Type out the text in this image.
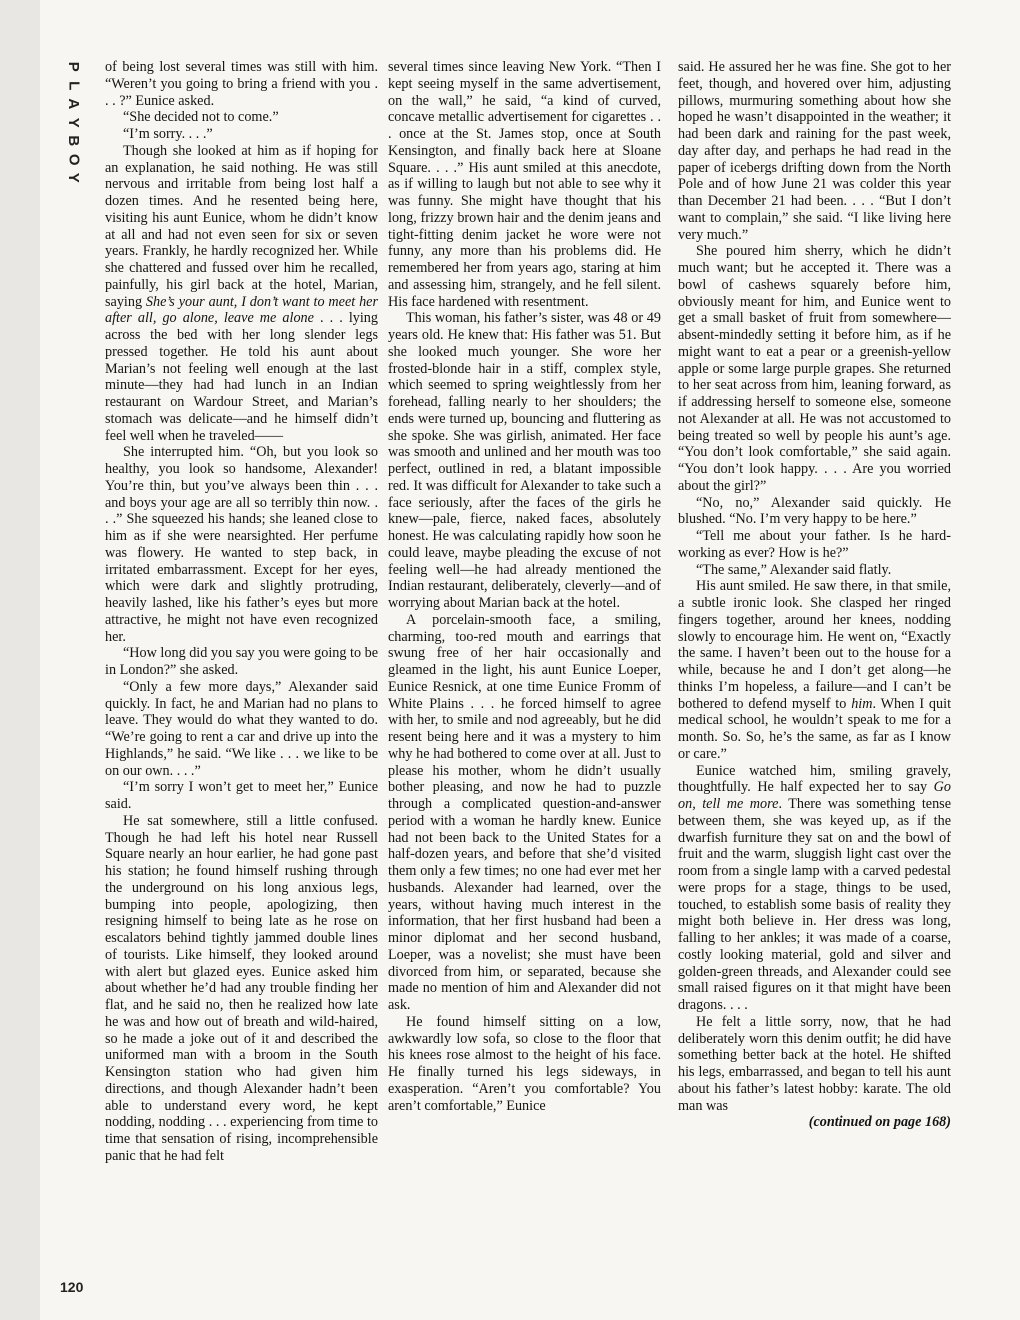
P
L
A
Y
B
O
Y
120

of being lost several times was still with him. “Weren’t you going to bring a friend with you . . . ?” Eunice asked.

“She decided not to come.”

“I’m sorry. . . .”

Though she looked at him as if hoping for an explanation, he said nothing. He was still nervous and irritable from being lost half a dozen times. And he resented being here, visiting his aunt Eunice, whom he didn’t know at all and had not even seen for six or seven years. Frankly, he hardly recognized her. While she chattered and fussed over him he recalled, painfully, his girl back at the hotel, Marian, saying She’s your aunt, I don’t want to meet her after all, go alone, leave me alone . . . lying across the bed with her long slender legs pressed together. He told his aunt about Marian’s not feeling well enough at the last minute—they had had lunch in an Indian restaurant on Wardour Street, and Marian’s stomach was delicate—and he himself didn’t feel well when he traveled——

She interrupted him. “Oh, but you look so healthy, you look so handsome, Alexander! You’re thin, but you’ve always been thin . . . and boys your age are all so terribly thin now. . . .” She squeezed his hands; she leaned close to him as if she were nearsighted. Her perfume was flowery. He wanted to step back, in irritated embarrassment. Except for her eyes, which were dark and slightly protruding, heavily lashed, like his father’s eyes but more attractive, he might not have even recognized her.

“How long did you say you were going to be in London?” she asked.

“Only a few more days,” Alexander said quickly. In fact, he and Marian had no plans to leave. They would do what they wanted to do. “We’re going to rent a car and drive up into the Highlands,” he said. “We like . . . we like to be on our own. . . .”

“I’m sorry I won’t get to meet her,” Eunice said.

He sat somewhere, still a little confused. Though he had left his hotel near Russell Square nearly an hour earlier, he had gone past his station; he found himself rushing through the underground on his long anxious legs, bumping into people, apologizing, then resigning himself to being late as he rose on escalators behind tightly jammed double lines of tourists. Like himself, they looked around with alert but glazed eyes. Eunice asked him about whether he’d had any trouble finding her flat, and he said no, then he realized how late he was and how out of breath and wild-haired, so he made a joke out of it and described the uniformed man with a broom in the South Kensington station who had given him directions, and though Alexander hadn’t been able to understand every word, he kept nodding, nodding . . . experiencing from time to time that sensation of rising, incomprehensible panic that he had felt

several times since leaving New York. “Then I kept seeing myself in the same advertisement, on the wall,” he said, “a kind of curved, concave metallic advertisement for cigarettes . . . once at the St. James stop, once at South Kensington, and finally back here at Sloane Square. . . .” His aunt smiled at this anecdote, as if willing to laugh but not able to see why it was funny. She might have thought that his long, frizzy brown hair and the denim jeans and tight-fitting denim jacket he wore were not funny, any more than his problems did. He remembered her from years ago, staring at him and assessing him, strangely, and he fell silent. His face hardened with resentment.

This woman, his father’s sister, was 48 or 49 years old. He knew that: His father was 51. But she looked much younger. She wore her frosted-blonde hair in a stiff, complex style, which seemed to spring weightlessly from her forehead, falling nearly to her shoulders; the ends were turned up, bouncing and fluttering as she spoke. She was girlish, animated. Her face was smooth and unlined and her mouth was too perfect, outlined in red, a blatant impossible red. It was difficult for Alexander to take such a face seriously, after the faces of the girls he knew—pale, fierce, naked faces, absolutely honest. He was calculating rapidly how soon he could leave, maybe pleading the excuse of not feeling well—he had already mentioned the Indian restaurant, deliberately, cleverly—and of worrying about Marian back at the hotel.

A porcelain-smooth face, a smiling, charming, too-red mouth and earrings that swung free of her hair occasionally and gleamed in the light, his aunt Eunice Loeper, Eunice Resnick, at one time Eunice Fromm of White Plains . . . he forced himself to agree with her, to smile and nod agreeably, but he did resent being here and it was a mystery to him why he had bothered to come over at all. Just to please his mother, whom he didn’t usually bother pleasing, and now he had to puzzle through a complicated question-and-answer period with a woman he hardly knew. Eunice had not been back to the United States for a half-dozen years, and before that she’d visited them only a few times; no one had ever met her husbands. Alexander had learned, over the years, without having much interest in the information, that her first husband had been a minor diplomat and her second husband, Loeper, was a novelist; she must have been divorced from him, or separated, because she made no mention of him and Alexander did not ask.

He found himself sitting on a low, awkwardly low sofa, so close to the floor that his knees rose almost to the height of his face. He finally turned his legs sideways, in exasperation. “Aren’t you comfortable? You aren’t comfortable,” Eunice

said. He assured her he was fine. She got to her feet, though, and hovered over him, adjusting pillows, murmuring something about how she hoped he wasn’t disappointed in the weather; it had been dark and raining for the past week, day after day, and perhaps he had read in the paper of icebergs drifting down from the North Pole and of how June 21 was colder this year than December 21 had been. . . . “But I don’t want to complain,” she said. “I like living here very much.”

She poured him sherry, which he didn’t much want; but he accepted it. There was a bowl of cashews squarely before him, obviously meant for him, and Eunice went to get a small basket of fruit from somewhere—absent-mindedly setting it before him, as if he might want to eat a pear or a greenish-yellow apple or some large purple grapes. She returned to her seat across from him, leaning forward, as if addressing herself to someone else, someone not Alexander at all. He was not accustomed to being treated so well by people his aunt’s age. “You don’t look comfortable,” she said again. “You don’t look happy. . . . Are you worried about the girl?”

“No, no,” Alexander said quickly. He blushed. “No. I’m very happy to be here.”

“Tell me about your father. Is he hard-working as ever? How is he?”

“The same,” Alexander said flatly.

His aunt smiled. He saw there, in that smile, a subtle ironic look. She clasped her ringed fingers together, around her knees, nodding slowly to encourage him. He went on, “Exactly the same. I haven’t been out to the house for a while, because he and I don’t get along—he thinks I’m hopeless, a failure—and I can’t be bothered to defend myself to him. When I quit medical school, he wouldn’t speak to me for a month. So. So, he’s the same, as far as I know or care.”

Eunice watched him, smiling gravely, thoughtfully. He half expected her to say Go on, tell me more. There was something tense between them, she was keyed up, as if the dwarfish furniture they sat on and the bowl of fruit and the warm, sluggish light cast over the room from a single lamp with a carved pedestal were props for a stage, things to be used, touched, to establish some basis of reality they might both believe in. Her dress was long, falling to her ankles; it was made of a coarse, costly looking material, gold and silver and golden-green threads, and Alexander could see small raised figures on it that might have been dragons. . . .

He felt a little sorry, now, that he had deliberately worn this denim outfit; he did have something better back at the hotel. He shifted his legs, embarrassed, and began to tell his aunt about his father’s latest hobby: karate. The old man was

(continued on page 168)
